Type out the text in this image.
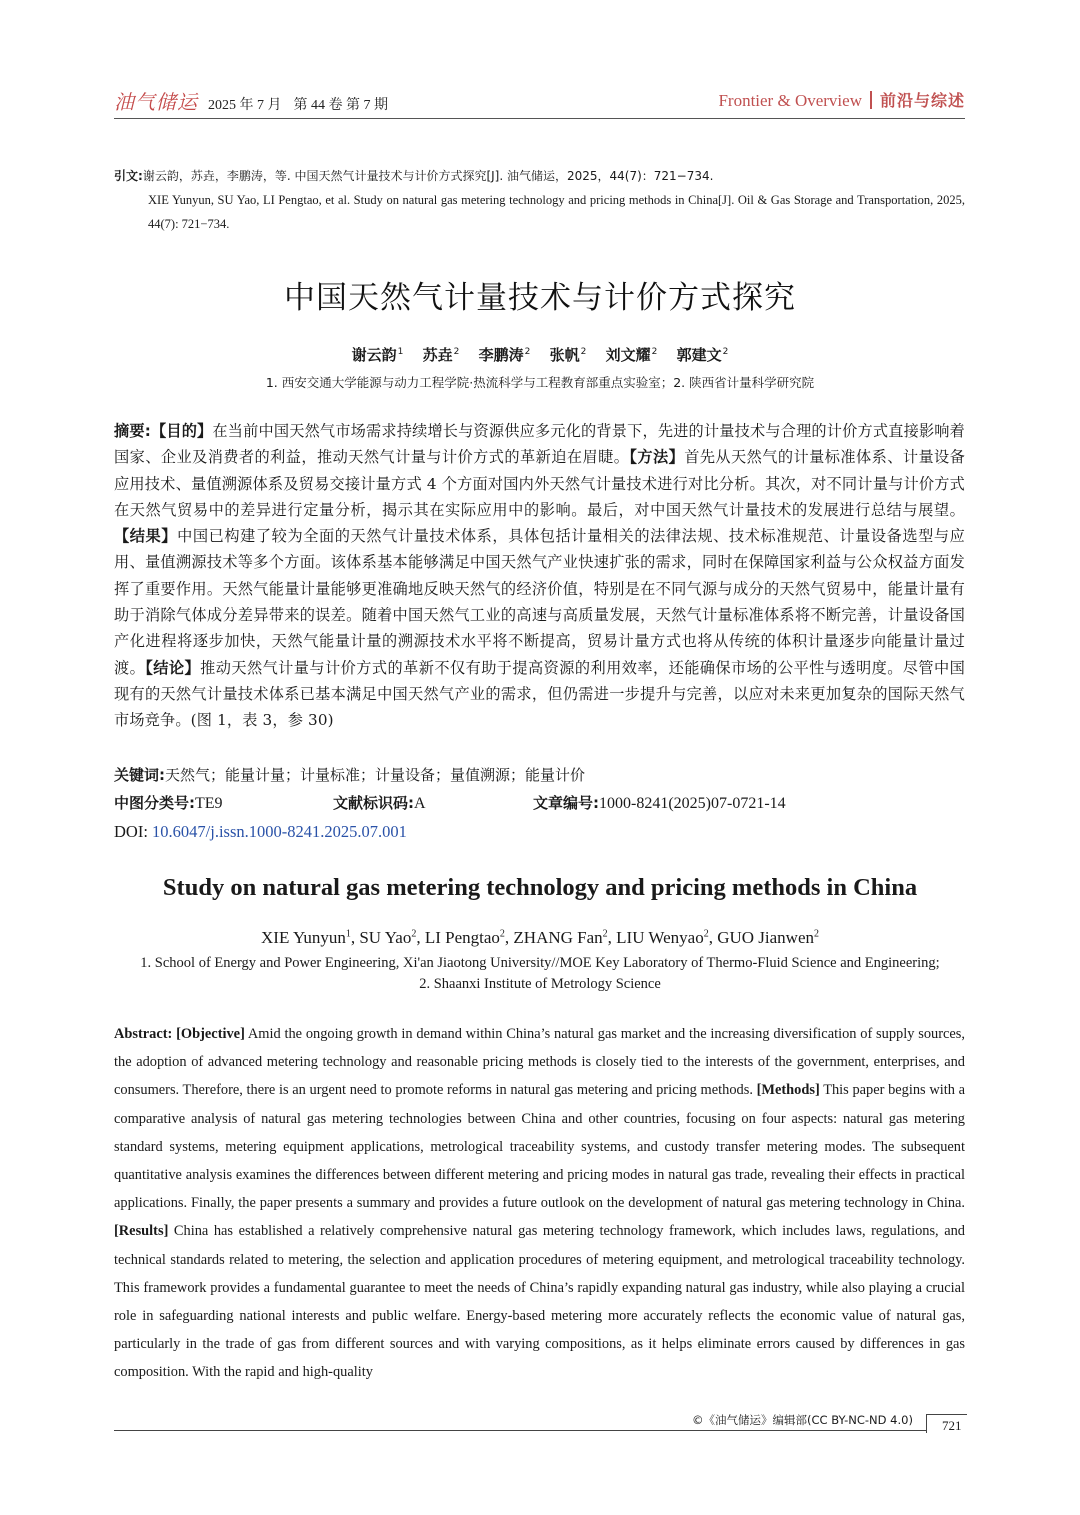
油气储运 2025 年 7 月 第 44 卷 第 7 期	Frontier & Overview 前沿与综述
引文:谢云韵，苏垚，李鹏涛，等. 中国天然气计量技术与计价方式探究[J]. 油气储运，2025，44(7)：721−734.
XIE Yunyun, SU Yao, LI Pengtao, et al. Study on natural gas metering technology and pricing methods in China[J]. Oil & Gas Storage and Transportation, 2025, 44(7): 721−734.
中国天然气计量技术与计价方式探究
谢云韵$^1$ 苏垚$^2$ 李鹏涛$^2$ 张帆$^2$ 刘文耀$^2$ 郭建文$^2$
1. 西安交通大学能源与动力工程学院·热流科学与工程教育部重点实验室；2. 陕西省计量科学研究院
摘要:【目的】在当前中国天然气市场需求持续增长与资源供应多元化的背景下，先进的计量技术与合理的计价方式直接影响着国家、企业及消费者的利益，推动天然气计量与计价方式的革新迫在眉睫。【方法】首先从天然气的计量标准体系、计量设备应用技术、量值溯源体系及贸易交接计量方式 4 个方面对国内外天然气计量技术进行对比分析。其次，对不同计量与计价方式在天然气贸易中的差异进行定量分析，揭示其在实际应用中的影响。最后，对中国天然气计量技术的发展进行总结与展望。【结果】中国已构建了较为全面的天然气计量技术体系，具体包括计量相关的法律法规、技术标准规范、计量设备选型与应用、量值溯源技术等多个方面。该体系基本能够满足中国天然气产业快速扩张的需求，同时在保障国家利益与公众权益方面发挥了重要作用。天然气能量计量能够更准确地反映天然气的经济价值，特别是在不同气源与成分的天然气贸易中，能量计量有助于消除气体成分差异带来的误差。随着中国天然气工业的高速与高质量发展，天然气计量标准体系将不断完善，计量设备国产化进程将逐步加快，天然气能量计量的溯源技术水平将不断提高，贸易计量方式也将从传统的体积计量逐步向能量计量过渡。【结论】推动天然气计量与计价方式的革新不仅有助于提高资源的利用效率，还能确保市场的公平性与透明度。尽管中国现有的天然气计量技术体系已基本满足中国天然气产业的需求，但仍需进一步提升与完善，以应对未来更加复杂的国际天然气市场竞争。(图 1，表 3，参 30)
关键词:天然气；能量计量；计量标准；计量设备；量值溯源；能量计价
中图分类号:TE9	文献标识码:A	文章编号:1000-8241(2025)07-0721-14
DOI: 10.6047/j.issn.1000-8241.2025.07.001
Study on natural gas metering technology and pricing methods in China
XIE Yunyun$^1$, SU Yao$^2$, LI Pengtao$^2$, ZHANG Fan$^2$, LIU Wenyao$^2$, GUO Jianwen$^2$
1. School of Energy and Power Engineering, Xi'an Jiaotong University//MOE Key Laboratory of Thermo-Fluid Science and Engineering;
2. Shaanxi Institute of Metrology Science
Abstract: [Objective] Amid the ongoing growth in demand within China’s natural gas market and the increasing diversification of supply sources, the adoption of advanced metering technology and reasonable pricing methods is closely tied to the interests of the government, enterprises, and consumers. Therefore, there is an urgent need to promote reforms in natural gas metering and pricing methods. [Methods] This paper begins with a comparative analysis of natural gas metering technologies between China and other countries, focusing on four aspects: natural gas metering standard systems, metering equipment applications, metrological traceability systems, and custody transfer metering modes. The subsequent quantitative analysis examines the differences between different metering and pricing modes in natural gas trade, revealing their effects in practical applications. Finally, the paper presents a summary and provides a future outlook on the development of natural gas metering technology in China. [Results] China has established a relatively comprehensive natural gas metering technology framework, which includes laws, regulations, and technical standards related to metering, the selection and application procedures of metering equipment, and metrological traceability technology. This framework provides a fundamental guarantee to meet the needs of China’s rapidly expanding natural gas industry, while also playing a crucial role in safeguarding national interests and public welfare. Energy-based metering more accurately reflects the economic value of natural gas, particularly in the trade of gas from different sources and with varying compositions, as it helps eliminate errors caused by differences in gas composition. With the rapid and high-quality
©《油气储运》编辑部(CC BY-NC-ND 4.0) 721
